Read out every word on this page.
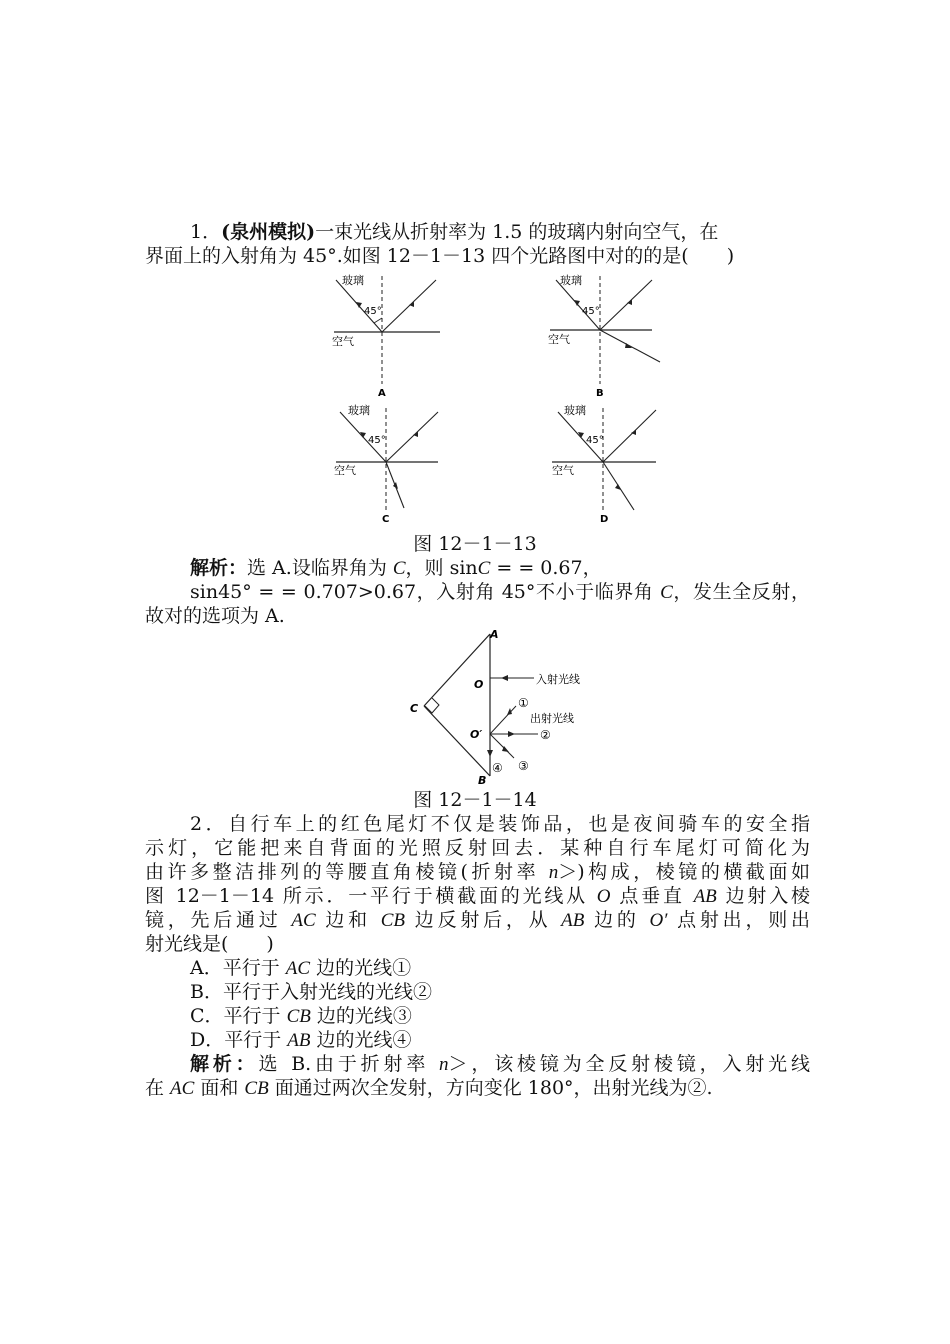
1．(泉州模拟)一束光线从折射率为 1.5 的玻璃内射向空气，在
界面上的入射角为 45°.如图 12－1－13 四个光路图中对的的是(　　)
玻璃
45°
空气
A
玻璃
45°
空气
B
玻璃
45°
空气
C
玻璃
45°
空气
D
图 12－1－13
解析：选 A.设临界角为 C，则 sinC = = 0.67，
sin45° = = 0.707>0.67，入射角 45°不小于临界角 C，发生全反射，
故对的选项为 A.
A
O
C
O′
B
入射光线
①
出射光线
②
③
④
图 12－1－14
2．自行车上的红色尾灯不仅是装饰品，也是夜间骑车的安全指
示灯，它能把来自背面的光照反射回去．某种自行车尾灯可简化为
由许多整洁排列的等腰直角棱镜(折射率 n＞)构成，棱镜的横截面如
图 12－1－14 所示．一平行于横截面的光线从 O 点垂直 AB 边射入棱
镜，先后通过 AC 边和 CB 边反射后，从 AB 边的 O′ 点射出，则出
射光线是(　　)
A．平行于 AC 边的光线①
B．平行于入射光线的光线②
C．平行于 CB 边的光线③
D．平行于 AB 边的光线④
解析：选 B.由于折射率 n＞，该棱镜为全反射棱镜，入射光线
在 AC 面和 CB 面通过两次全发射，方向变化 180°，出射光线为②.
